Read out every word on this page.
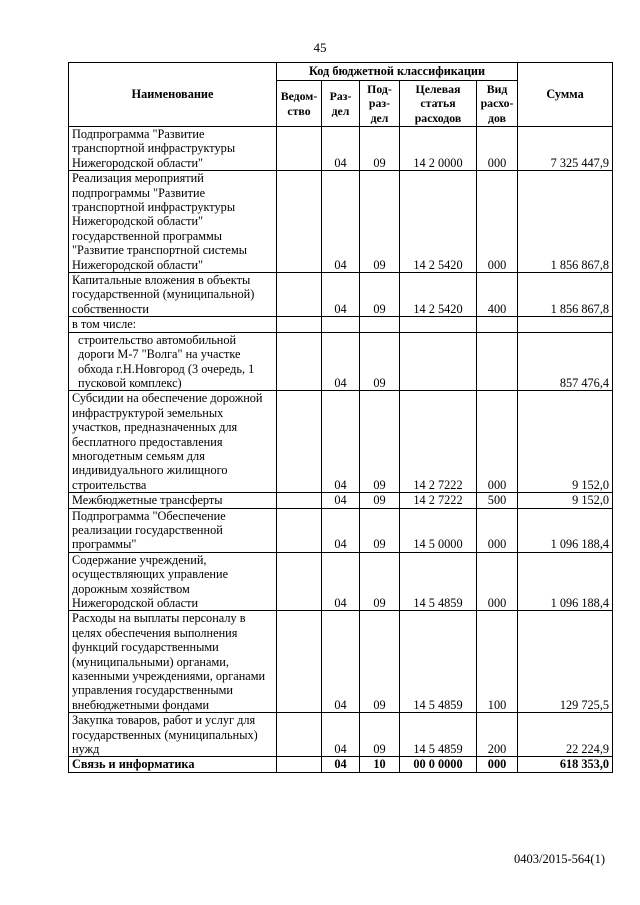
45
Наименование	Код бюджетной классификации					Сумма
	Ведом-ство	Раз-дел	Под-раз-дел	Целевая статья расходов	Вид расхо-дов	
Подпрограмма "Развитие транспортной инфраструктуры Нижегородской области"		04	09	14 2 0000	000	7 325 447,9
Реализация мероприятий подпрограммы "Развитие транспортной инфраструктуры Нижегородской области" государственной программы "Развитие транспортной системы Нижегородской области"		04	09	14 2 5420	000	1 856 867,8
Капитальные вложения в объекты государственной (муниципальной) собственности		04	09	14 2 5420	400	1 856 867,8
в том числе:						
строительство автомобильной дороги М-7 "Волга" на участке обхода г.Н.Новгород (3 очередь, 1 пусковой комплекс)		04	09			857 476,4
Субсидии на обеспечение дорожной инфраструктурой земельных участков, предназначенных для бесплатного предоставления многодетным семьям для индивидуального жилищного строительства		04	09	14 2 7222	000	9 152,0
Межбюджетные трансферты		04	09	14 2 7222	500	9 152,0
Подпрограмма "Обеспечение реализации государственной программы"		04	09	14 5 0000	000	1 096 188,4
Содержание учреждений, осуществляющих управление дорожным хозяйством Нижегородской области		04	09	14 5 4859	000	1 096 188,4
Расходы на выплаты персоналу в целях обеспечения выполнения функций государственными (муниципальными) органами, казенными учреждениями, органами управления государственными внебюджетными фондами		04	09	14 5 4859	100	129 725,5
Закупка товаров, работ и услуг для государственных (муниципальных) нужд		04	09	14 5 4859	200	22 224,9
Связь и информатика		04	10	00 0 0000	000	618 353,0
0403/2015-564(1)
